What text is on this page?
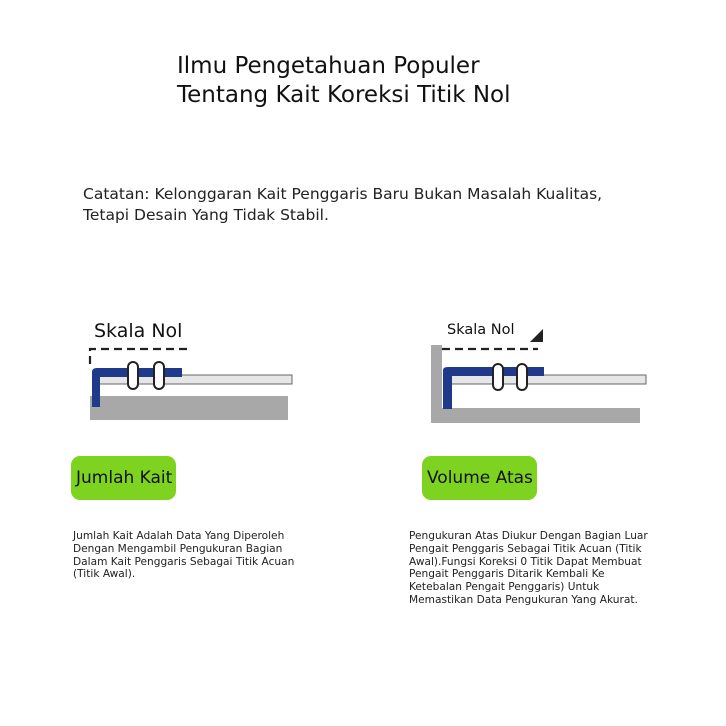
Ilmu Pengetahuan Populer
Tentang Kait Koreksi Titik Nol
Catatan: Kelonggaran Kait Penggaris Baru Bukan Masalah Kualitas,
Tetapi Desain Yang Tidak Stabil.
Skala Nol	Skala Nol
Jumlah Kait	Volume Atas
Jumlah Kait Adalah Data Yang Diperoleh
Dengan Mengambil Pengukuran Bagian
Dalam Kait Penggaris Sebagai Titik Acuan
(Titik Awal).
Pengukuran Atas Diukur Dengan Bagian Luar
Pengait Penggaris Sebagai Titik Acuan (Titik
Awal).Fungsi Koreksi 0 Titik Dapat Membuat
Pengait Penggaris Ditarik Kembali Ke
Ketebalan Pengait Penggaris) Untuk
Memastikan Data Pengukuran Yang Akurat.
